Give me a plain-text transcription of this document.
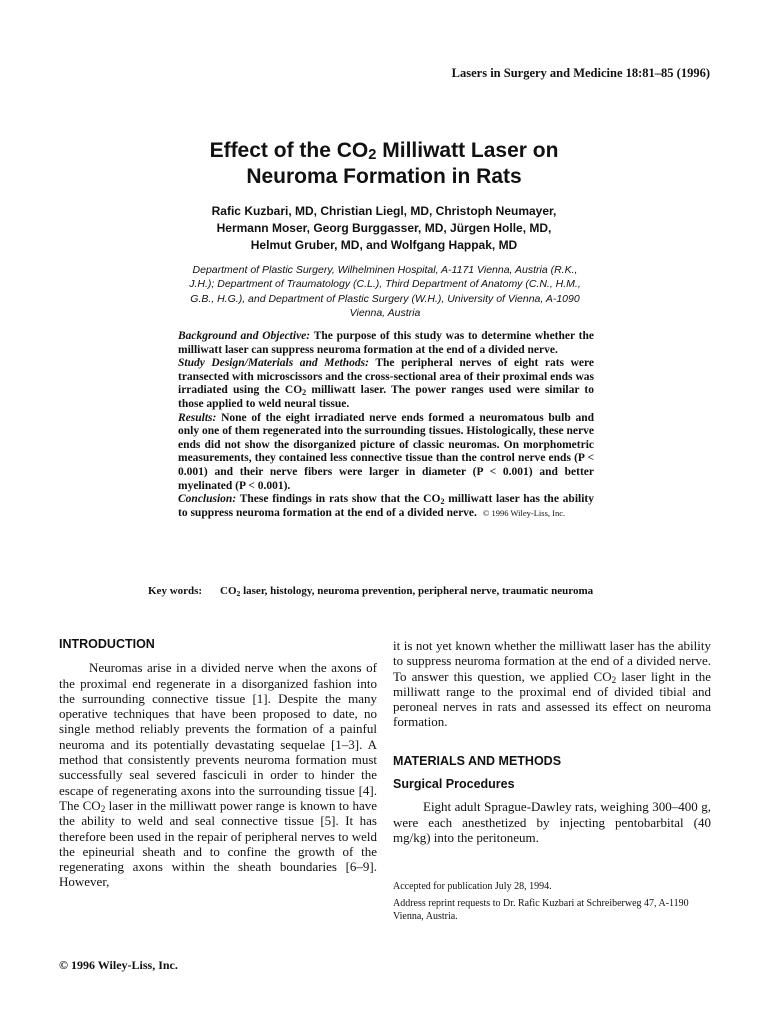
Lasers in Surgery and Medicine 18:81–85 (1996)
Effect of the $CO_2$ Milliwatt Laser on
Neuroma Formation in Rats
Rafic Kuzbari, MD, Christian Liegl, MD, Christoph Neumayer,
Hermann Moser, Georg Burggasser, MD, Jürgen Holle, MD,
Helmut Gruber, MD, and Wolfgang Happak, MD
Department of Plastic Surgery, Wilhelminen Hospital, A-1171 Vienna, Austria (R.K.,
J.H.); Department of Traumatology (C.L.), Third Department of Anatomy (C.N., H.M.,
G.B., H.G.), and Department of Plastic Surgery (W.H.), University of Vienna, A-1090
Vienna, Austria
Background and Objective: The purpose of this study was to determine whether the milliwatt laser can suppress neuroma formation at the end of a divided nerve.
Study Design/Materials and Methods: The peripheral nerves of eight rats were transected with microscissors and the cross-sectional area of their proximal ends was irradiated using the $CO_2$ milliwatt laser. The power ranges used were similar to those applied to weld neural tissue.
Results: None of the eight irradiated nerve ends formed a neuromatous bulb and only one of them regenerated into the surrounding tissues. Histologically, these nerve ends did not show the disorganized picture of classic neuromas. On morphometric measurements, they contained less connective tissue than the control nerve ends (P < 0.001) and their nerve fibers were larger in diameter (P < 0.001) and better myelinated (P < 0.001).
Conclusion: These findings in rats show that the $CO_2$ milliwatt laser has the ability to suppress neuroma formation at the end of a divided nerve. © 1996 Wiley-Liss, Inc.
Key words: $CO_2$ laser, histology, neuroma prevention, peripheral nerve, traumatic neuroma
INTRODUCTION

Neuromas arise in a divided nerve when the axons of the proximal end regenerate in a disorganized fashion into the surrounding connective tissue [1]. Despite the many operative techniques that have been proposed to date, no single method reliably prevents the formation of a painful neuroma and its potentially devastating sequelae [1–3]. A method that consistently prevents neuroma formation must successfully seal severed fasciculi in order to hinder the escape of regenerating axons into the surrounding tissue [4]. The $CO_2$ laser in the milliwatt power range is known to have the ability to weld and seal connective tissue [5]. It has therefore been used in the repair of peripheral nerves to weld the epineurial sheath and to confine the growth of the regenerating axons within the sheath boundaries [6–9]. However,

it is not yet known whether the milliwatt laser has the ability to suppress neuroma formation at the end of a divided nerve. To answer this question, we applied $CO_2$ laser light in the milliwatt range to the proximal end of divided tibial and peroneal nerves in rats and assessed its effect on neuroma formation.

MATERIALS AND METHODS
Surgical Procedures

Eight adult Sprague-Dawley rats, weighing 300–400 g, were each anesthetized by injecting pentobarbital (40 mg/kg) into the peritoneum.

Accepted for publication July 28, 1994.

Address reprint requests to Dr. Rafic Kuzbari at Schreiberweg 47, A-1190 Vienna, Austria.

© 1996 Wiley-Liss, Inc.
